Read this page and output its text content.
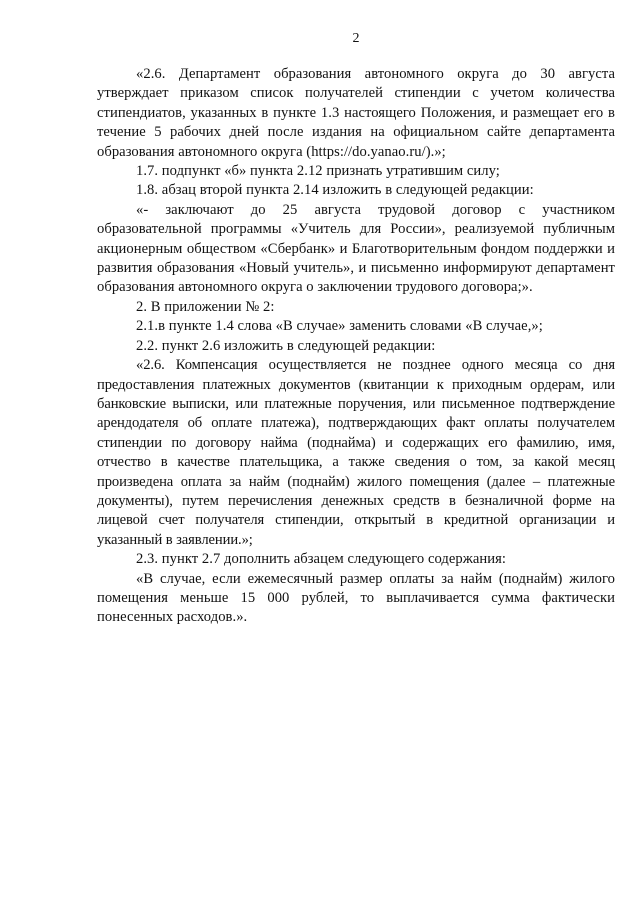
2

«2.6. Департамент образования автономного округа до 30 августа утверждает приказом список получателей стипендии с учетом количества стипендиатов, указанных в пункте 1.3 настоящего Положения, и размещает его в течение 5 рабочих дней после издания на официальном сайте департамента образования автономного округа (https://do.yanao.ru/).»;

1.7. подпункт «б» пункта 2.12 признать утратившим силу;

1.8. абзац второй пункта 2.14 изложить в следующей редакции:

«- заключают до 25 августа трудовой договор с участником образовательной программы «Учитель для России», реализуемой публичным акционерным обществом «Сбербанк» и Благотворительным фондом поддержки и развития образования «Новый учитель», и письменно информируют департамент образования автономного округа о заключении трудового договора;».

2. В приложении № 2:

2.1.в пункте 1.4 слова «В случае» заменить словами «В случае,»;

2.2. пункт 2.6 изложить в следующей редакции:

«2.6. Компенсация осуществляется не позднее одного месяца со дня предоставления платежных документов (квитанции к приходным ордерам, или банковские выписки, или платежные поручения, или письменное подтверждение арендодателя об оплате платежа), подтверждающих факт оплаты получателем стипендии по договору найма (поднайма) и содержащих его фамилию, имя, отчество в качестве плательщика, а также сведения о том, за какой месяц произведена оплата за найм (поднайм) жилого помещения (далее – платежные документы), путем перечисления денежных средств в безналичной форме на лицевой счет получателя стипендии, открытый в кредитной организации и указанный в заявлении.»;

2.3. пункт 2.7 дополнить абзацем следующего содержания:

«В случае, если ежемесячный размер оплаты за найм (поднайм) жилого помещения меньше 15 000 рублей, то выплачивается сумма фактически понесенных расходов.».
